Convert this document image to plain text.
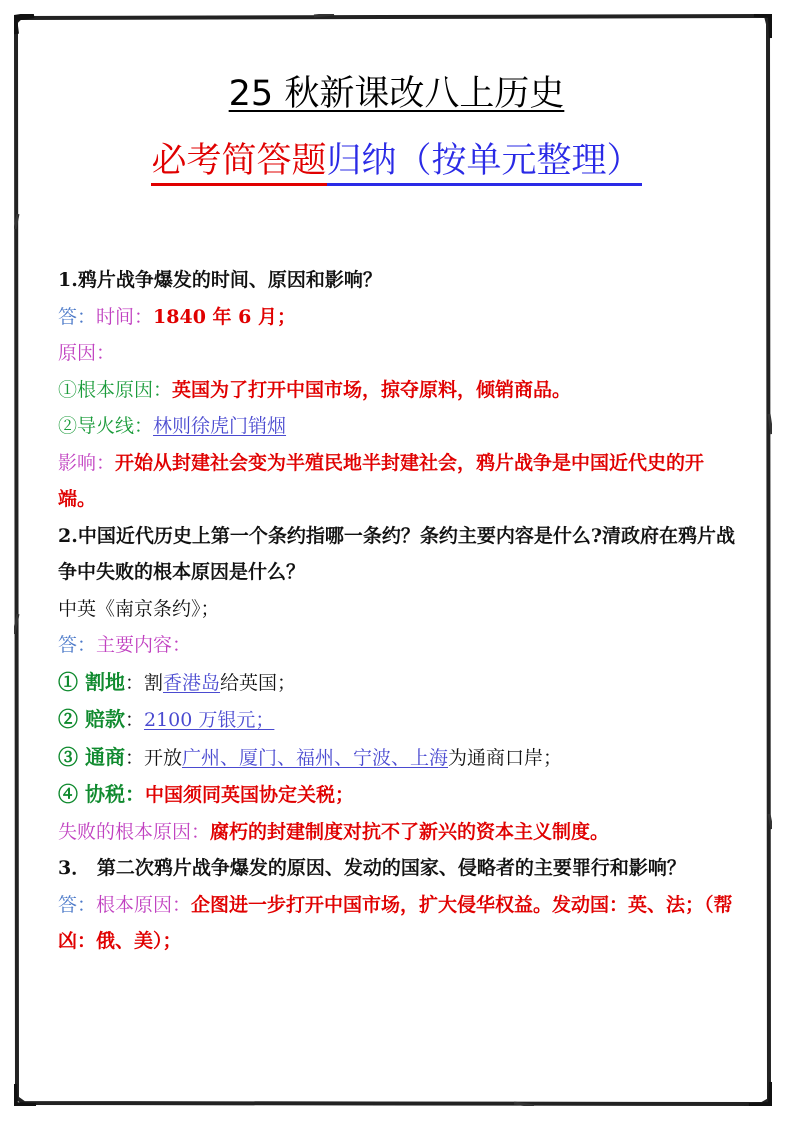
25 秋新课改八上历史
必考简答题归纳（按单元整理）
1.鸦片战争爆发的时间、原因和影响？
答：时间：1840 年 6 月；
原因：
①根本原因：英国为了打开中国市场，掠夺原料，倾销商品。
②导火线：林则徐虎门销烟
影响：开始从封建社会变为半殖民地半封建社会，鸦片战争是中国近代史的开端。
2.中国近代历史上第一个条约指哪一条约？条约主要内容是什么?清政府在鸦片战争中失败的根本原因是什么？
中英《南京条约》；
答：主要内容：
① 割地：割香港岛给英国；
② 赔款：2100 万银元；
③ 通商：开放广州、厦门、福州、宁波、上海为通商口岸；
④ 协税：中国须同英国协定关税；
失败的根本原因：腐朽的封建制度对抗不了新兴的资本主义制度。
3． 第二次鸦片战争爆发的原因、发动的国家、侵略者的主要罪行和影响？
答：根本原因：企图进一步打开中国市场，扩大侵华权益。发动国：英、法；（帮凶：俄、美）；
